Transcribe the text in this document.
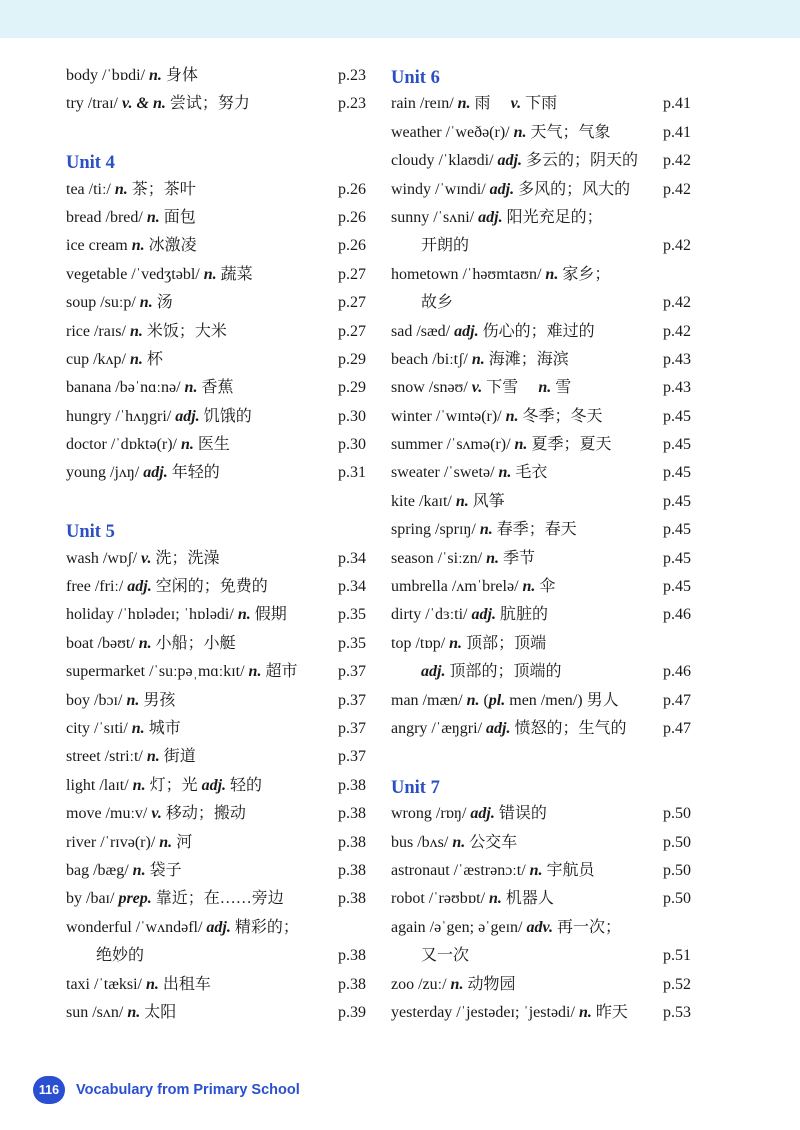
body /ˈbɒdi/ n. 身体	p.23
try /traɪ/ v. & n. 尝试；努力	p.23
Unit 4
tea /tiː/ n. 茶；茶叶	p.26
bread /bred/ n. 面包	p.26
ice cream n. 冰激凌	p.26
vegetable /ˈvedʒtəbl/ n. 蔬菜	p.27
soup /suːp/ n. 汤	p.27
rice /raɪs/ n. 米饭；大米	p.27
cup /kʌp/ n. 杯	p.29
banana /bəˈnɑːnə/ n. 香蕉	p.29
hungry /ˈhʌŋgri/ adj. 饥饿的	p.30
doctor /ˈdɒktə(r)/ n. 医生	p.30
young /jʌŋ/ adj. 年轻的	p.31
Unit 5
wash /wɒʃ/ v. 洗；洗澡	p.34
free /friː/ adj. 空闲的；免费的	p.34
holiday /ˈhɒlədeɪ; ˈhɒlədi/ n. 假期	p.35
boat /bəʊt/ n. 小船；小艇	p.35
supermarket /ˈsuːpəˌmɑːkɪt/ n. 超市	p.37
boy /bɔɪ/ n. 男孩	p.37
city /ˈsɪti/ n. 城市	p.37
street /striːt/ n. 街道	p.37
light /laɪt/ n. 灯；光 adj. 轻的	p.38
move /muːv/ v. 移动；搬动	p.38
river /ˈrɪvə(r)/ n. 河	p.38
bag /bæg/ n. 袋子	p.38
by /baɪ/ prep. 靠近；在……旁边	p.38
wonderful /ˈwʌndəfl/ adj. 精彩的；
绝妙的	p.38
taxi /ˈtæksi/ n. 出租车	p.38
sun /sʌn/ n. 太阳	p.39
Unit 6
rain /reɪn/ n. 雨　 v. 下雨	p.41
weather /ˈweðə(r)/ n. 天气；气象	p.41
cloudy /ˈklaʊdi/ adj. 多云的；阴天的 p.42
windy /ˈwɪndi/ adj. 多风的；风大的 p.42
sunny /ˈsʌni/ adj. 阳光充足的；
开朗的	p.42
hometown /ˈhəʊmtaʊn/ n. 家乡；
故乡	p.42
sad /sæd/ adj. 伤心的；难过的	p.42
beach /biːtʃ/ n. 海滩；海滨	p.43
snow /snəʊ/ v. 下雪　 n. 雪	p.43
winter /ˈwɪntə(r)/ n. 冬季；冬天	p.45
summer /ˈsʌmə(r)/ n. 夏季；夏天	p.45
sweater /ˈswetə/ n. 毛衣	p.45
kite /kaɪt/ n. 风筝	p.45
spring /sprɪŋ/ n. 春季；春天	p.45
season /ˈsiːzn/ n. 季节	p.45
umbrella /ʌmˈbrelə/ n. 伞	p.45
dirty /ˈdɜːti/ adj. 肮脏的	p.46
top /tɒp/ n. 顶部；顶端
adj. 顶部的；顶端的	p.46
man /mæn/ n. (pl. men /men/) 男人	p.47
angry /ˈæŋgri/ adj. 愤怒的；生气的 p.47
Unit 7
wrong /rɒŋ/ adj. 错误的	p.50
bus /bʌs/ n. 公交车	p.50
astronaut /ˈæstrənɔːt/ n. 宇航员	p.50
robot /ˈrəʊbɒt/ n. 机器人	p.50
again /əˈgen; əˈgeɪn/ adv. 再一次；
又一次	p.51
zoo /zuː/ n. 动物园	p.52
yesterday /ˈjestədeɪ; ˈjestədi/ n. 昨天 p.53
116	Vocabulary from Primary School
